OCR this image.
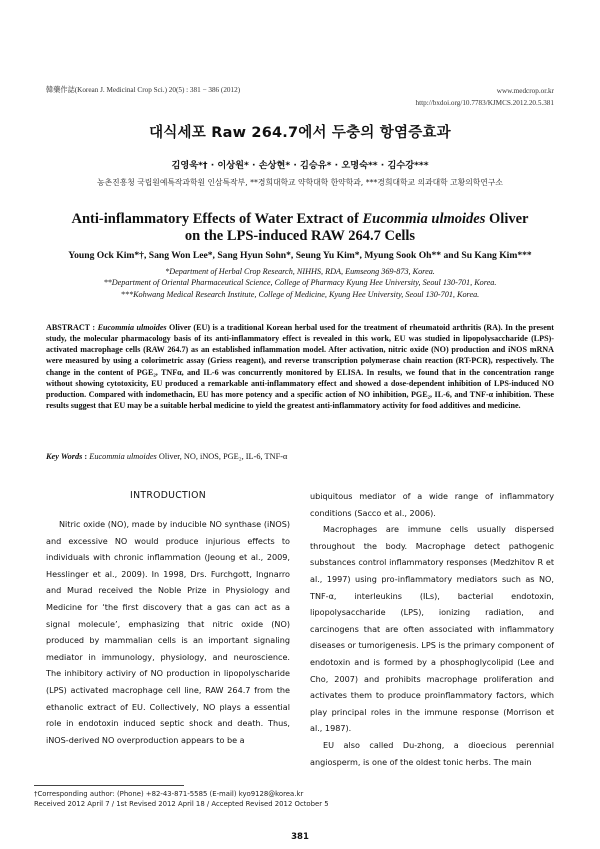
韓藥作誌(Korean J. Medicinal Crop Sci.) 20(5) : 381 − 386 (2012)	www.medcrop.or.kr
http://bxdoi.org/10.7783/KJMCS.2012.20.5.381
대식세포 Raw 264.7에서 두충의 항염증효과
김영욱*† · 이상원* · 손상현* · 김승유* · 오명숙** · 김수강***
농촌진흥청 국립원예특작과학원 인삼특작부, **경희대학교 약학대학 한약학과, ***경희대학교 의과대학 고황의학연구소
Anti-inflammatory Effects of Water Extract of Eucommia ulmoides Oliver
on the LPS-induced RAW 264.7 Cells
Young Ock Kim*†, Sang Won Lee*, Sang Hyun Sohn*, Seung Yu Kim*, Myung Sook Oh** and Su Kang Kim***
*Department of Herbal Crop Research, NIHHS, RDA, Eumseong 369-873, Korea.
**Department of Oriental Pharmaceutical Science, College of Pharmacy Kyung Hee University, Seoul 130-701, Korea.
***Kohwang Medical Research Institute, College of Medicine, Kyung Hee University, Seoul 130-701, Korea.
ABSTRACT : Eucommia ulmoides Oliver (EU) is a traditional Korean herbal used for the treatment of rheumatoid arthritis (RA). In the present study, the molecular pharmacology basis of its anti-inflammatory effect is revealed in this work, EU was studied in lipopolysaccharide (LPS)-activated macrophage cells (RAW 264.7) as an established inflammation model. After activation, nitric oxide (NO) production and iNOS mRNA were measured by using a colorimetric assay (Griess reagent), and reverse transcription polymerase chain reaction (RT-PCR), respectively. The change in the content of PGE₂, TNFα, and IL-6 was concurrently monitored by ELISA. In results, we found that in the concentration range without showing cytotoxicity, EU produced a remarkable anti-inflammatory effect and showed a dose-dependent inhibition of LPS-induced NO production. Compared with indomethacin, EU has more potency and a specific action of NO inhibition, PGE₂, IL-6, and TNF-α inhibition. These results suggest that EU may be a suitable herbal medicine to yield the greatest anti-inflammatory activity for food additives and medicine.
Key Words : Eucommia ulmoides Oliver, NO, iNOS, PGE₂, IL-6, TNF-α
INTRODUCTION

Nitric oxide (NO), made by inducible NO synthase (iNOS) and excessive NO would produce injurious effects to individuals with chronic inflammation (Jeoung et al., 2009, Hesslinger et al., 2009). In 1998, Drs. Furchgott, Ingnarro and Murad received the Noble Prize in Physiology and Medicine for ‘the first discovery that a gas can act as a signal molecule’, emphasizing that nitric oxide (NO) produced by mammalian cells is an important signaling mediator in immunology, physiology, and neuroscience. The inhibitory activiry of NO production in lipopolyscharide (LPS) activated macrophage cell line, RAW 264.7 from the ethanolic extract of EU. Collectively, NO plays a essential role in endotoxin induced septic shock and death. Thus, iNOS-derived NO overproduction appears to be a

ubiquitous mediator of a wide range of inflammatory conditions (Sacco et al., 2006).

Macrophages are immune cells usually dispersed throughout the body. Macrophage detect pathogenic substances control inflammatory responses (Medzhitov R et al., 1997) using pro-inflammatory mediators such as NO, TNF-α, interleukins (ILs), bacterial endotoxin, lipopolysaccharide (LPS), ionizing radiation, and carcinogens that are often associated with inflammatory diseases or tumorigenesis. LPS is the primary component of endotoxin and is formed by a phosphoglycolipid (Lee and Cho, 2007) and prohibits macrophage proliferation and activates them to produce proinflammatory factors, which play principal roles in the immune response (Morrison et al., 1987).

EU also called Du-zhong, a dioecious perennial angiosperm, is one of the oldest tonic herbs. The main

†Corresponding author: (Phone) +82-43-871-5585 (E-mail) kyo9128@korea.kr
Received 2012 April 7 / 1st Revised 2012 April 18 / Accepted Revised 2012 October 5
381
